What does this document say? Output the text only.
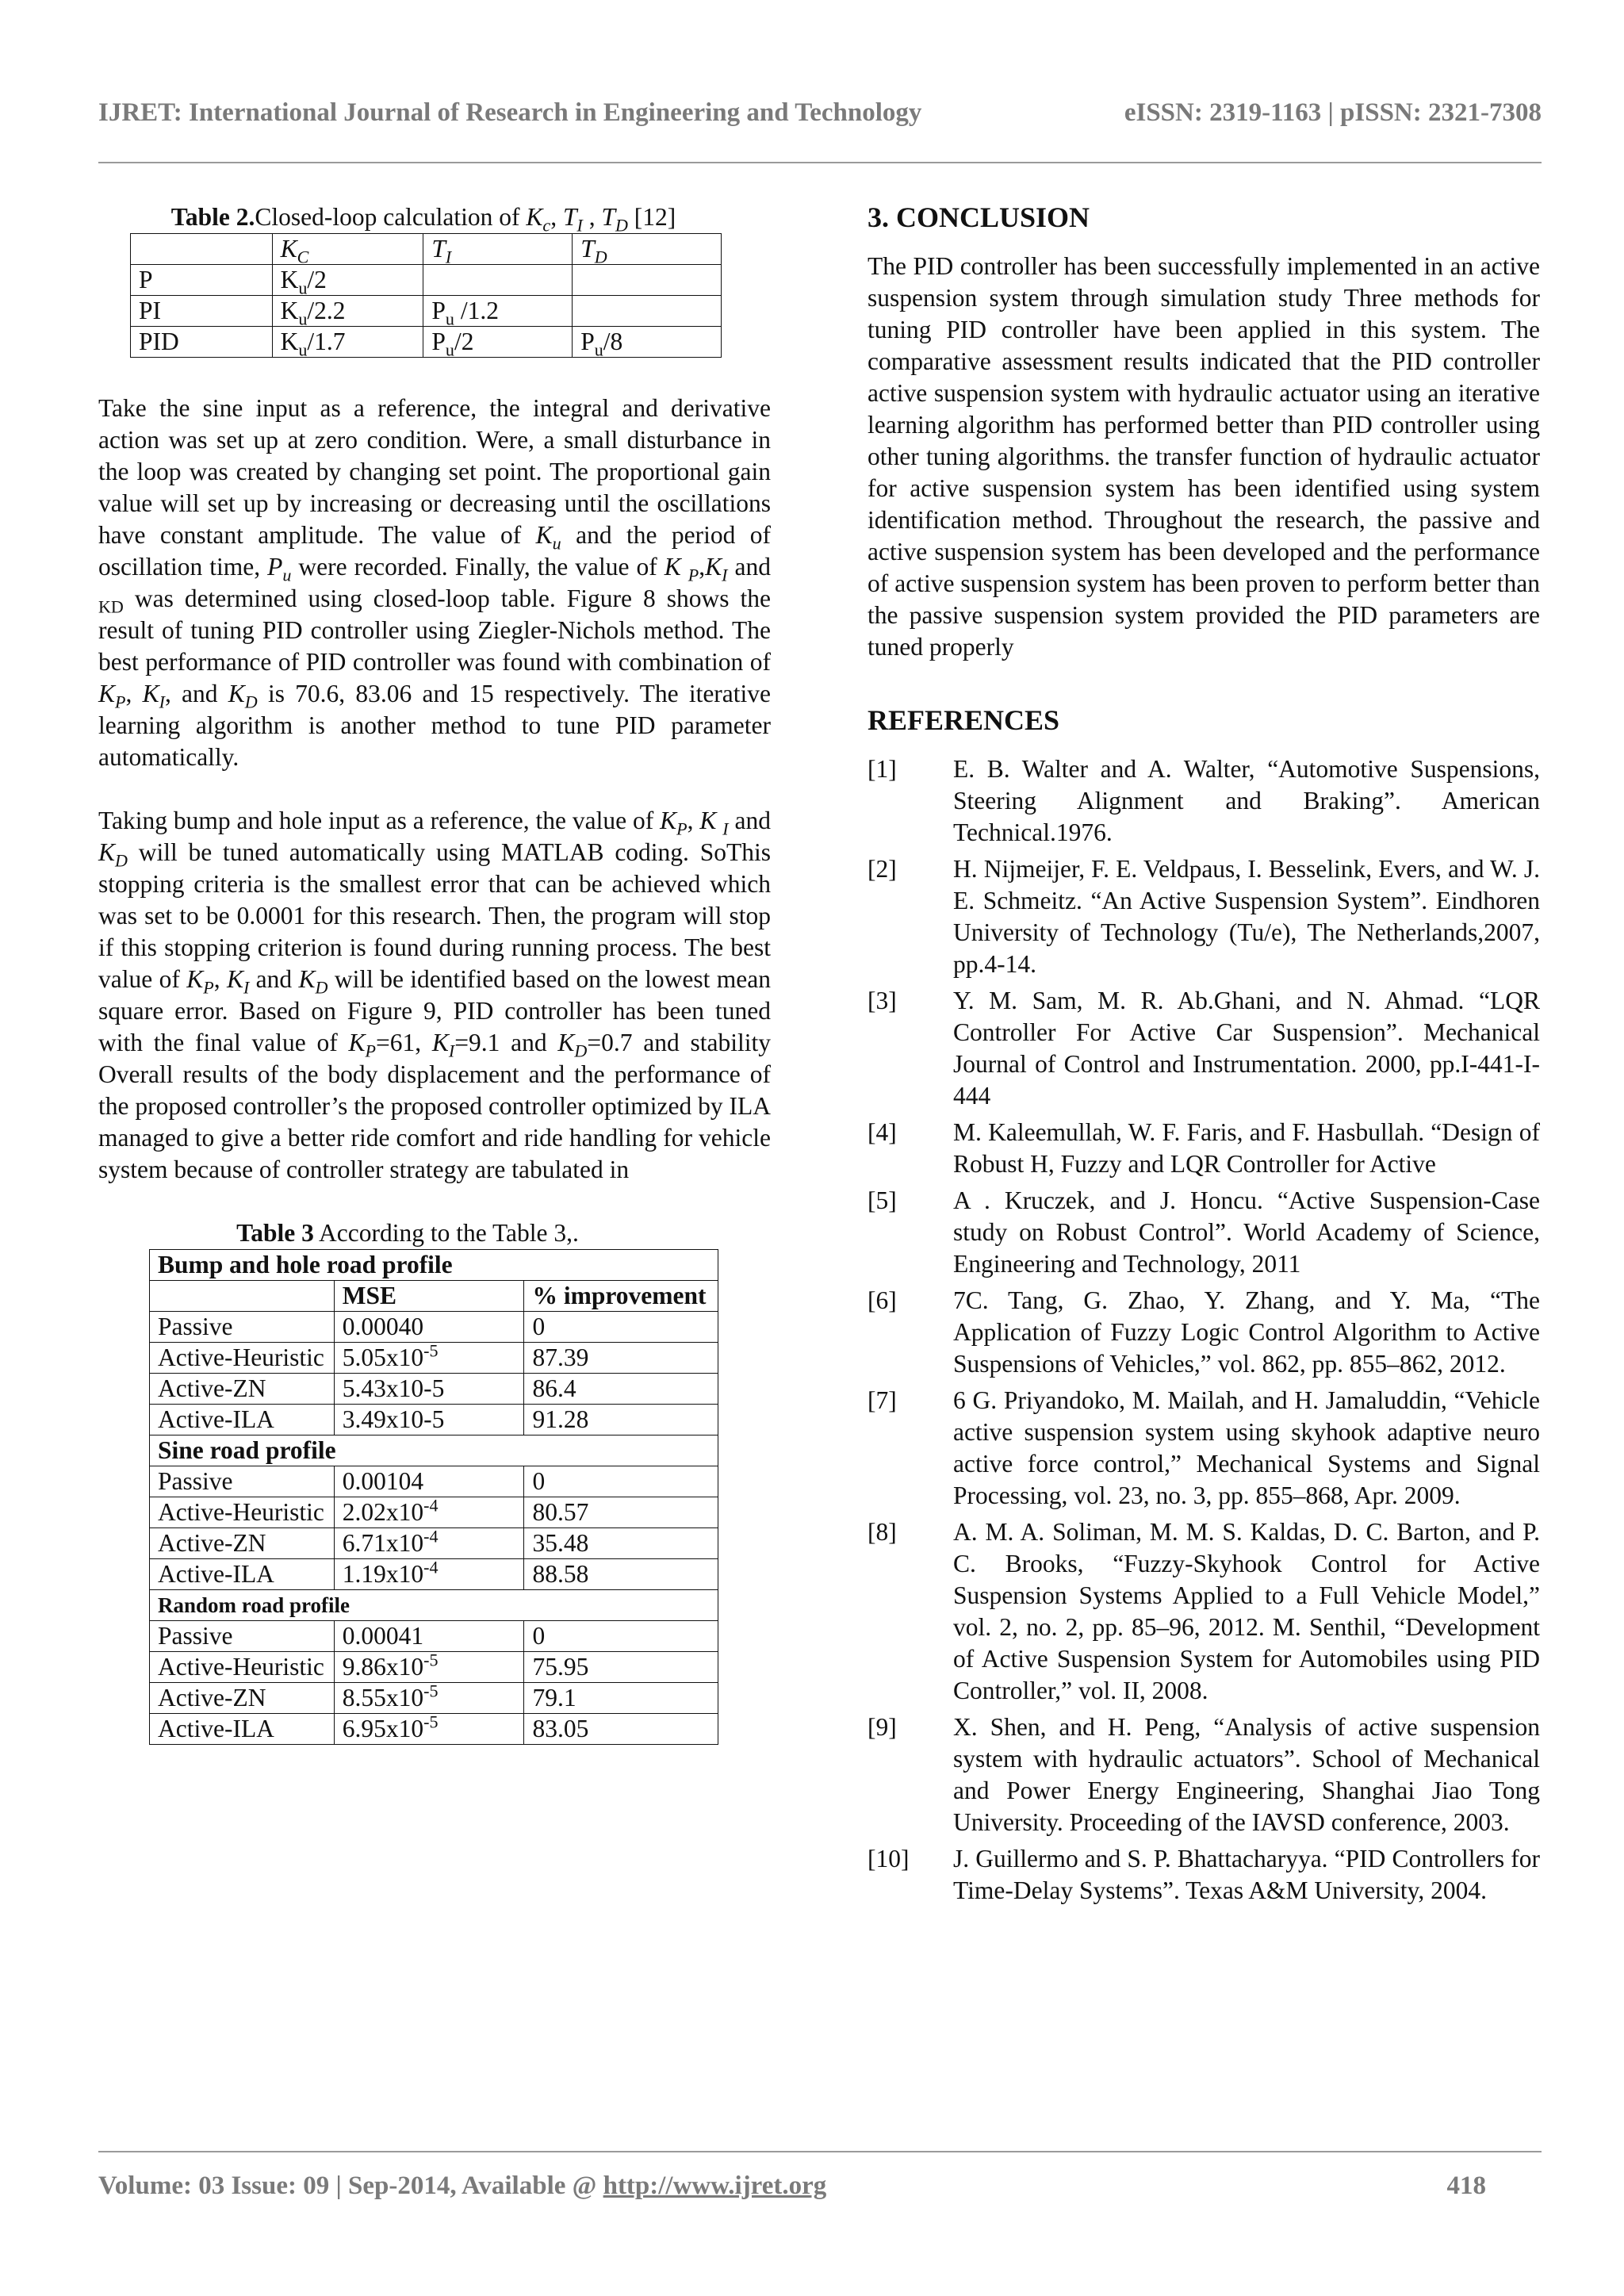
IJRET: International Journal of Research in Engineering and Technology	eISSN: 2319-1163 | pISSN: 2321-7308
Table 2.Closed-loop calculation of $K_c$, $T_I$ , $T_D$ [12]
	$K_C$	$T_I$	$T_D$
P	$K_u/2$		
PI	$K_u/2.2$	$P_u$ /1.2	
PID	$K_u/1.7$	$P_u/2$	$P_u/8$

Take the sine input as a reference, the integral and derivative action was set up at zero condition. Were, a small disturbance in the loop was created by changing set point. The proportional gain value will set up by increasing or decreasing until the oscillations have constant amplitude. The value of $K_u$ and the period of oscillation time, $P_u$ were recorded. Finally, the value of K $_P,K_I$ and $_{KD}$ was determined using closed-loop table. Figure 8 shows the result of tuning PID controller using Ziegler-Nichols method. The best performance of PID controller was found with combination of $K_P$, $K_I$, and $K_D$ is 70.6, 83.06 and 15 respectively. The iterative learning algorithm is another method to tune PID parameter automatically.

Taking bump and hole input as a reference, the value of $K_P$, K $_I$ and $K_D$ will be tuned automatically using MATLAB coding. SoThis stopping criteria is the smallest error that can be achieved which was set to be 0.0001 for this research. Then, the program will stop if this stopping criterion is found during running process. The best value of $K_P$, $K_I$ and $K_D$ will be identified based on the lowest mean square error. Based on Figure 9, PID controller has been tuned with the final value of $K_P=61$, $K_I=9.1$ and $K_D=0.7$ and stability Overall results of the body displacement and the performance of the proposed controller’s the proposed controller optimized by ILA managed to give a better ride comfort and ride handling for vehicle system because of controller strategy are tabulated in

Table 3 According to the Table 3,.
Bump and hole road profile		
	MSE	% improvement
Passive	0.00040	0
Active-Heuristic	$5.05x10^{-5}$	87.39
Active-ZN	5.43x10-5	86.4
Active-ILA	3.49x10-5	91.28
Sine road profile		
Passive	0.00104	0
Active-Heuristic	$2.02x10^{-4}$	80.57
Active-ZN	$6.71x10^{-4}$	35.48
Active-ILA	$1.19x10^{-4}$	88.58
Random road profile		
Passive	0.00041	0
Active-Heuristic	$9.86x10^{-5}$	75.95
Active-ZN	$8.55x10^{-5}$	79.1
Active-ILA	$6.95x10^{-5}$	83.05
3. CONCLUSION

The PID controller has been successfully implemented in an active suspension system through simulation study Three methods for tuning PID controller have been applied in this system. The comparative assessment results indicated that the PID controller active suspension system with hydraulic actuator using an iterative learning algorithm has performed better than PID controller using other tuning algorithms. the transfer function of hydraulic actuator for active suspension system has been identified using system identification method. Throughout the research, the passive and active suspension system has been developed and the performance of active suspension system has been proven to perform better than the passive suspension system provided the PID parameters are tuned properly

REFERENCES
[1] E. B. Walter and A. Walter, “Automotive Suspensions, Steering Alignment and Braking”. American Technical.1976.
[2] H. Nijmeijer, F. E. Veldpaus, I. Besselink, Evers, and W. J. E. Schmeitz. “An Active Suspension System”. Eindhoren University of Technology (Tu/e), The Netherlands,2007, pp.4-14.
[3] Y. M. Sam, M. R. Ab.Ghani, and N. Ahmad. “LQR Controller For Active Car Suspension”. Mechanical Journal of Control and Instrumentation. 2000, pp.I-441-I-444
[4] M. Kaleemullah, W. F. Faris, and F. Hasbullah. “Design of Robust H, Fuzzy and LQR Controller for Active
[5] A . Kruczek, and J. Honcu. “Active Suspension-Case study on Robust Control”. World Academy of Science, Engineering and Technology, 2011
[6] 7C. Tang, G. Zhao, Y. Zhang, and Y. Ma, “The Application of Fuzzy Logic Control Algorithm to Active Suspensions of Vehicles,” vol. 862, pp. 855–862, 2012.
[7] 6 G. Priyandoko, M. Mailah, and H. Jamaluddin, “Vehicle active suspension system using skyhook adaptive neuro active force control,” Mechanical Systems and Signal Processing, vol. 23, no. 3, pp. 855–868, Apr. 2009.
[8] A. M. A. Soliman, M. M. S. Kaldas, D. C. Barton, and P. C. Brooks, “Fuzzy-Skyhook Control for Active Suspension Systems Applied to a Full Vehicle Model,” vol. 2, no. 2, pp. 85–96, 2012. M. Senthil, “Development of Active Suspension System for Automobiles using PID Controller,” vol. II, 2008.
[9] X. Shen, and H. Peng, “Analysis of active suspension system with hydraulic actuators”. School of Mechanical and Power Energy Engineering, Shanghai Jiao Tong University. Proceeding of the IAVSD conference, 2003.
[10] J. Guillermo and S. P. Bhattacharyya. “PID Controllers for Time-Delay Systems”. Texas A&M University, 2004.
Volume: 03 Issue: 09 | Sep-2014, Available @ http://www.ijret.org	418
